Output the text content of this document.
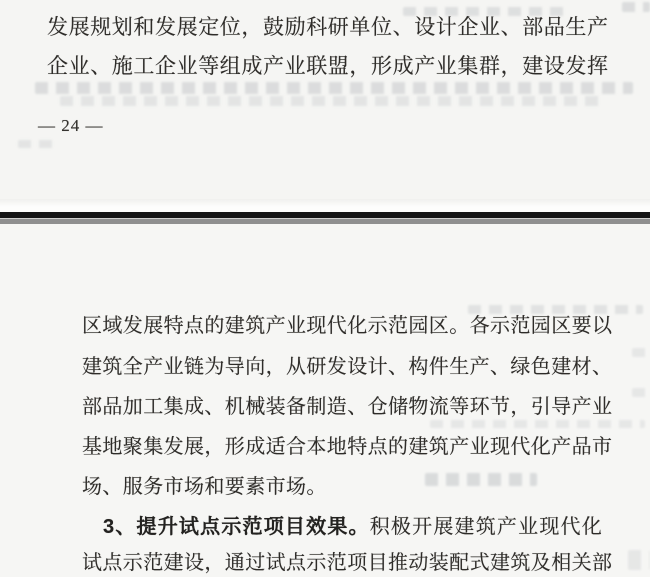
发展规划和发展定位，鼓励科研单位、设计企业、部品生产
企业、施工企业等组成产业联盟，形成产业集群，建设发挥
— 24 —
区域发展特点的建筑产业现代化示范园区。各示范园区要以
建筑全产业链为导向，从研发设计、构件生产、绿色建材、
部品加工集成、机械装备制造、仓储物流等环节，引导产业
基地聚集发展，形成适合本地特点的建筑产业现代化产品市
场、服务市场和要素市场。
3、提升试点示范项目效果。积极开展建筑产业现代化
试点示范建设，通过试点示范项目推动装配式建筑及相关部
